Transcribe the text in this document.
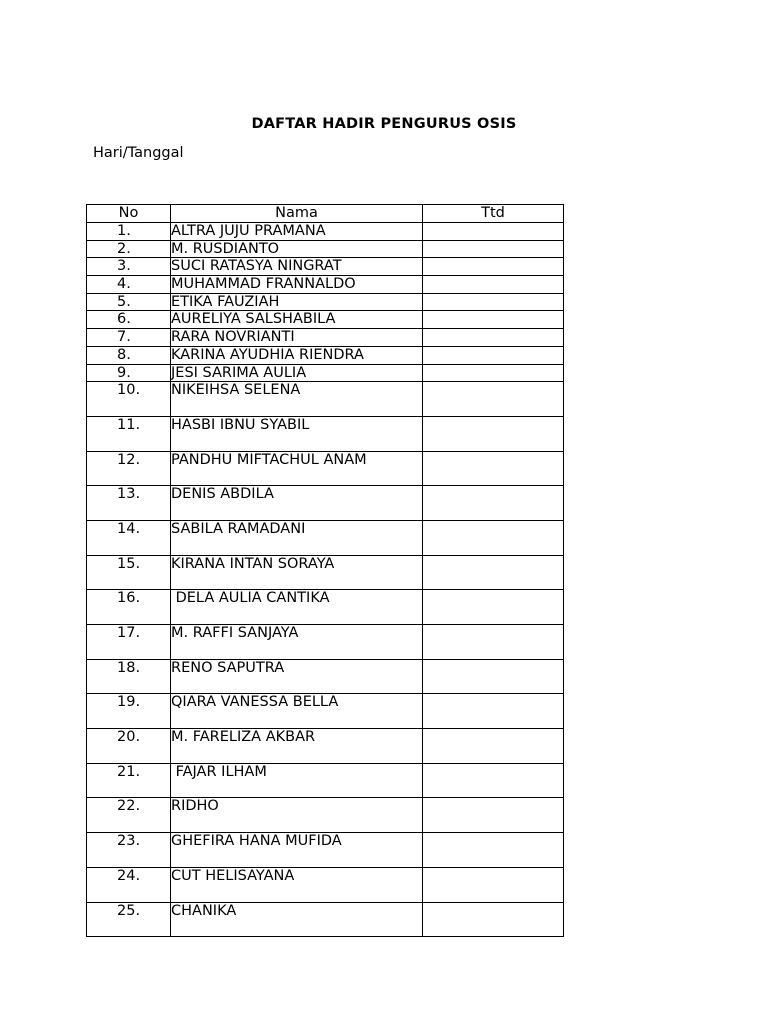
DAFTAR HADIR PENGURUS OSIS
Hari/Tanggal
No	Nama	Ttd
1.	ALTRA JUJU PRAMANA	
2.	M. RUSDIANTO	
3.	SUCI RATASYA NINGRAT	
4.	MUHAMMAD FRANNALDO	
5.	ETIKA FAUZIAH	
6.	AURELIYA SALSHABILA	
7.	RARA NOVRIANTI	
8.	KARINA AYUDHIA RIENDRA	
9.	JESI SARIMA AULIA	
10.	NIKEIHSA SELENA	
11.	HASBI IBNU SYABIL	
12.	PANDHU MIFTACHUL ANAM	
13.	DENIS ABDILA	
14.	SABILA RAMADANI	
15.	KIRANA INTAN SORAYA	
16.	DELA AULIA CANTIKA	
17.	M. RAFFI SANJAYA	
18.	RENO SAPUTRA	
19.	QIARA VANESSA BELLA	
20.	M. FARELIZA AKBAR	
21.	FAJAR ILHAM	
22.	RIDHO	
23.	GHEFIRA HANA MUFIDA	
24.	CUT HELISAYANA	
25.	CHANIKA	
